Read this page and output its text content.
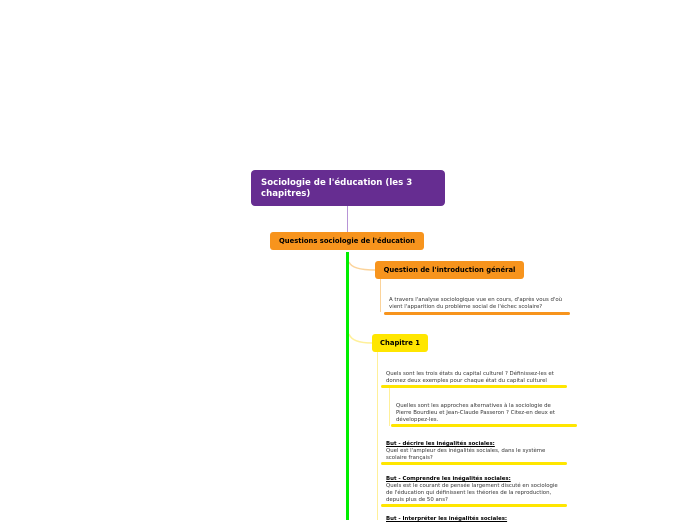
Sociologie de l'éducation (les 3 chapitres)
Questions sociologie de l'éducation
Question de l'introduction général
A travers l'analyse sociologique vue en cours, d'après vous d'où vient l'apparition du problème social de l'échec scolaire?
Chapitre 1
Quels sont les trois états du capital culturel ? Définissez-les et donnez deux exemples pour chaque état du capital culturel
Quelles sont les approches alternatives à la sociologie de Pierre Bourdieu et Jean-Claude Passeron ? Citez-en deux et développez-les.
But - décrire les inégalités sociales:
Quel est l'ampleur des inégalités sociales, dans le système scolaire français?
But - Comprendre les inégalités sociales:
Quels est le courant de pensée largement discuté en sociologie de l'éducation qui définissent les théories de la reproduction, depuis plus de 50 ans?
But - Interpréter les inégalités sociales:
